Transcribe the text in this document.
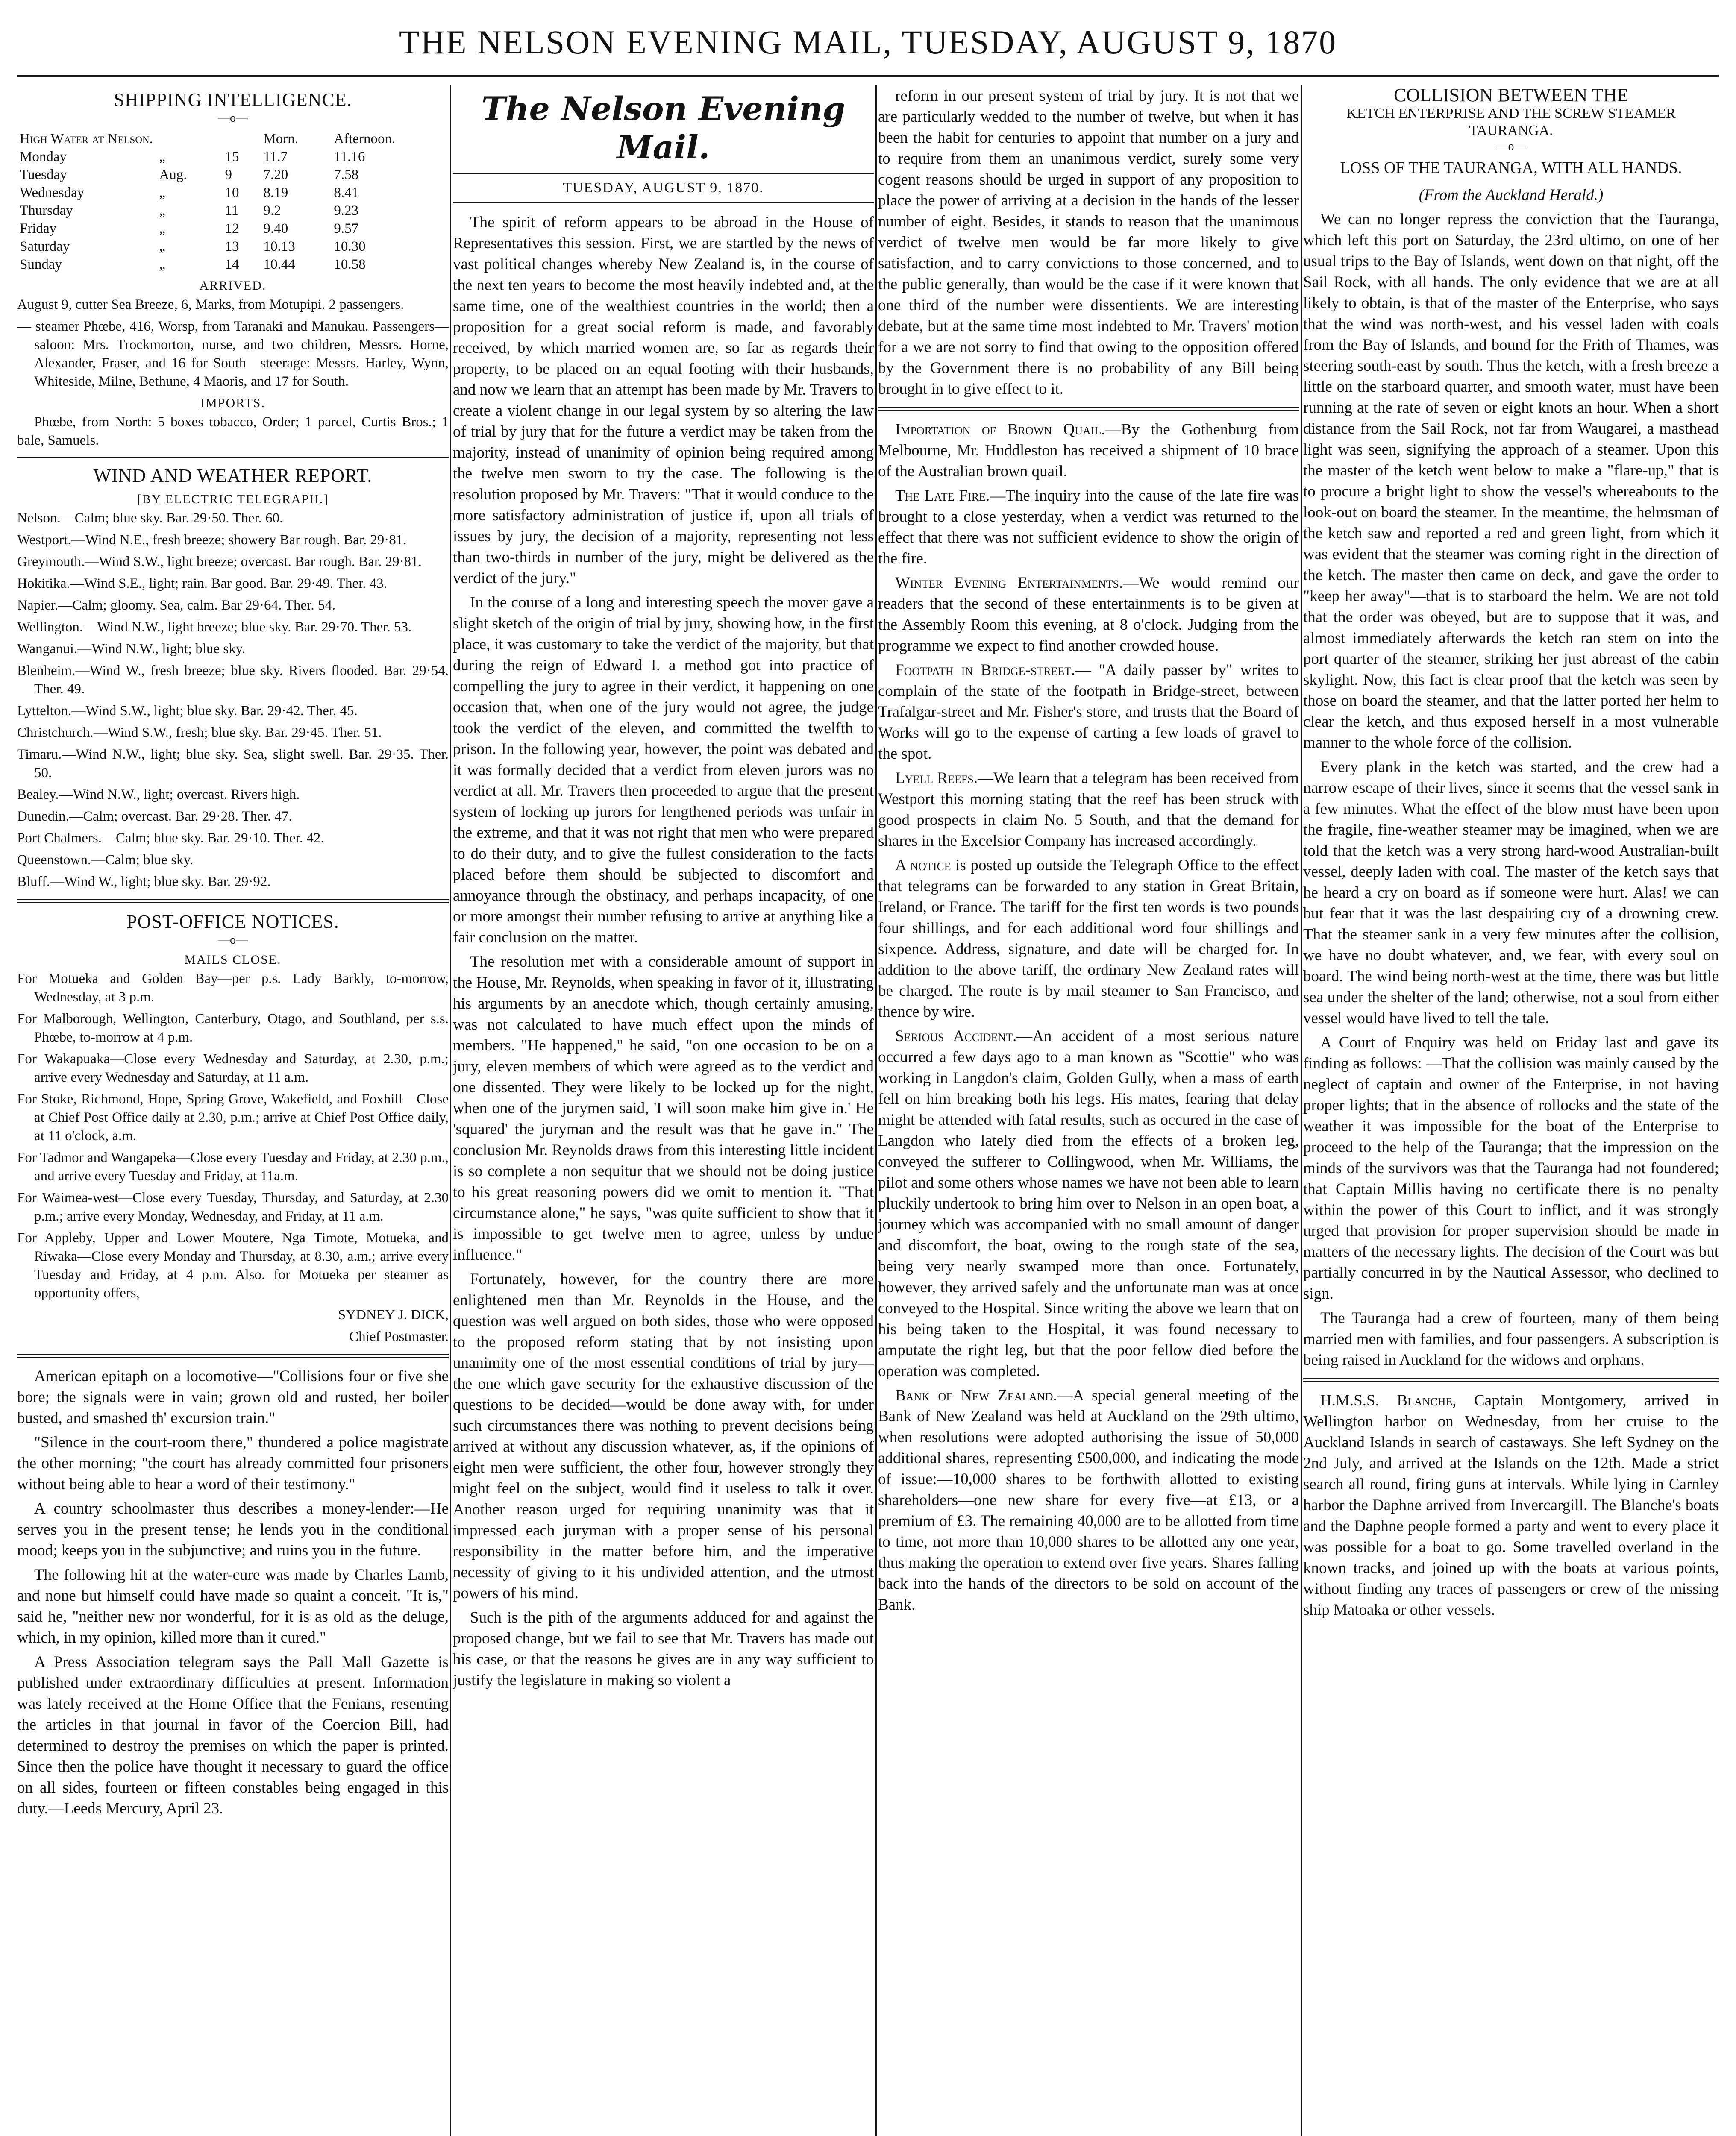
THE NELSON EVENING MAIL, TUESDAY, AUGUST 9, 1870
SHIPPING INTELLIGENCE.
—o—
High Water at Nelson.			Morn.	Afternoon.
Monday	„	15	11.7	11.16
Tuesday	Aug.	9	7.20	7.58
Wednesday	„	10	8.19	8.41
Thursday	„	11	9.2	9.23
Friday	„	12	9.40	9.57
Saturday	„	13	10.13	10.30
Sunday	„	14	10.44	10.58
ARRIVED.

August 9, cutter Sea Breeze, 6, Marks, from Motupipi. 2 passengers.

— steamer Phœbe, 416, Worsp, from Taranaki and Manukau. Passengers—saloon: Mrs. Trockmorton, nurse, and two children, Messrs. Horne, Alexander, Fraser, and 16 for South—steerage: Messrs. Harley, Wynn, Whiteside, Milne, Bethune, 4 Maoris, and 17 for South.

IMPORTS.

Phœbe, from North: 5 boxes tobacco, Order; 1 parcel, Curtis Bros.; 1 bale, Samuels.

WIND AND WEATHER REPORT.
[BY ELECTRIC TELEGRAPH.]

Nelson.—Calm; blue sky. Bar. 29·50. Ther. 60.

Westport.—Wind N.E., fresh breeze; showery Bar rough. Bar. 29·81.

Greymouth.—Wind S.W., light breeze; overcast. Bar rough. Bar. 29·81.

Hokitika.—Wind S.E., light; rain. Bar good. Bar. 29·49. Ther. 43.

Napier.—Calm; gloomy. Sea, calm. Bar 29·64. Ther. 54.

Wellington.—Wind N.W., light breeze; blue sky. Bar. 29·70. Ther. 53.

Wanganui.—Wind N.W., light; blue sky.

Blenheim.—Wind W., fresh breeze; blue sky. Rivers flooded. Bar. 29·54. Ther. 49.

Lyttelton.—Wind S.W., light; blue sky. Bar. 29·42. Ther. 45.

Christchurch.—Wind S.W., fresh; blue sky. Bar. 29·45. Ther. 51.

Timaru.—Wind N.W., light; blue sky. Sea, slight swell. Bar. 29·35. Ther. 50.

Bealey.—Wind N.W., light; overcast. Rivers high.

Dunedin.—Calm; overcast. Bar. 29·28. Ther. 47.

Port Chalmers.—Calm; blue sky. Bar. 29·10. Ther. 42.

Queenstown.—Calm; blue sky.

Bluff.—Wind W., light; blue sky. Bar. 29·92.

POST-OFFICE NOTICES.
—o—
MAILS CLOSE.

For Motueka and Golden Bay—per p.s. Lady Barkly, to-morrow, Wednesday, at 3 p.m.

For Malborough, Wellington, Canterbury, Otago, and Southland, per s.s. Phœbe, to-morrow at 4 p.m.

For Wakapuaka—Close every Wednesday and Saturday, at 2.30, p.m.; arrive every Wednesday and Saturday, at 11 a.m.

For Stoke, Richmond, Hope, Spring Grove, Wakefield, and Foxhill—Close at Chief Post Office daily at 2.30, p.m.; arrive at Chief Post Office daily, at 11 o'clock, a.m.

For Tadmor and Wangapeka—Close every Tuesday and Friday, at 2.30 p.m., and arrive every Tuesday and Friday, at 11a.m.

For Waimea-west—Close every Tuesday, Thursday, and Saturday, at 2.30 p.m.; arrive every Monday, Wednesday, and Friday, at 11 a.m.

For Appleby, Upper and Lower Moutere, Nga Timote, Motueka, and Riwaka—Close every Monday and Thursday, at 8.30, a.m.; arrive every Tuesday and Friday, at 4 p.m. Also. for Motueka per steamer as opportunity offers,

SYDNEY J. DICK,

Chief Postmaster.

American epitaph on a locomotive—"Collisions four or five she bore; the signals were in vain; grown old and rusted, her boiler busted, and smashed th' excursion train."

"Silence in the court-room there," thundered a police magistrate the other morning; "the court has already committed four prisoners without being able to hear a word of their testimony."

A country schoolmaster thus describes a money-lender:—He serves you in the present tense; he lends you in the conditional mood; keeps you in the subjunctive; and ruins you in the future.

The following hit at the water-cure was made by Charles Lamb, and none but himself could have made so quaint a conceit. "It is," said he, "neither new nor wonderful, for it is as old as the deluge, which, in my opinion, killed more than it cured."

A Press Association telegram says the Pall Mall Gazette is published under extraordinary difficulties at present. Information was lately received at the Home Office that the Fenians, resenting the articles in that journal in favor of the Coercion Bill, had determined to destroy the premises on which the paper is printed. Since then the police have thought it necessary to guard the office on all sides, fourteen or fifteen constables being engaged in this duty.—Leeds Mercury, April 23.

The Nelson Evening Mail.
TUESDAY, AUGUST 9, 1870.

The spirit of reform appears to be abroad in the House of Representatives this session. First, we are startled by the news of vast political changes whereby New Zealand is, in the course of the next ten years to become the most heavily indebted and, at the same time, one of the wealthiest countries in the world; then a proposition for a great social reform is made, and favorably received, by which married women are, so far as regards their property, to be placed on an equal footing with their husbands, and now we learn that an attempt has been made by Mr. Travers to create a violent change in our legal system by so altering the law of trial by jury that for the future a verdict may be taken from the majority, instead of unanimity of opinion being required among the twelve men sworn to try the case. The following is the resolution proposed by Mr. Travers: "That it would conduce to the more satisfactory administration of justice if, upon all trials of issues by jury, the decision of a majority, representing not less than two-thirds in number of the jury, might be delivered as the verdict of the jury."

In the course of a long and interesting speech the mover gave a slight sketch of the origin of trial by jury, showing how, in the first place, it was customary to take the verdict of the majority, but that during the reign of Edward I. a method got into practice of compelling the jury to agree in their verdict, it happening on one occasion that, when one of the jury would not agree, the judge took the verdict of the eleven, and committed the twelfth to prison. In the following year, however, the point was debated and it was formally decided that a verdict from eleven jurors was no verdict at all. Mr. Travers then proceeded to argue that the present system of locking up jurors for lengthened periods was unfair in the extreme, and that it was not right that men who were prepared to do their duty, and to give the fullest consideration to the facts placed before them should be subjected to discomfort and annoyance through the obstinacy, and perhaps incapacity, of one or more amongst their number refusing to arrive at anything like a fair conclusion on the matter.

The resolution met with a considerable amount of support in the House, Mr. Reynolds, when speaking in favor of it, illustrating his arguments by an anecdote which, though certainly amusing, was not calculated to have much effect upon the minds of members. "He happened," he said, "on one occasion to be on a jury, eleven members of which were agreed as to the verdict and one dissented. They were likely to be locked up for the night, when one of the jurymen said, 'I will soon make him give in.' He 'squared' the juryman and the result was that he gave in." The conclusion Mr. Reynolds draws from this interesting little incident is so complete a non sequitur that we should not be doing justice to his great reasoning powers did we omit to mention it. "That circumstance alone," he says, "was quite sufficient to show that it is impossible to get twelve men to agree, unless by undue influence."

Fortunately, however, for the country there are more enlightened men than Mr. Reynolds in the House, and the question was well argued on both sides, those who were opposed to the proposed reform stating that by not insisting upon unanimity one of the most essential conditions of trial by jury—the one which gave security for the exhaustive discussion of the questions to be decided—would be done away with, for under such circumstances there was nothing to prevent decisions being arrived at without any discussion whatever, as, if the opinions of eight men were sufficient, the other four, however strongly they might feel on the subject, would find it useless to talk it over. Another reason urged for requiring unanimity was that it impressed each juryman with a proper sense of his personal responsibility in the matter before him, and the imperative necessity of giving to it his undivided attention, and the utmost powers of his mind.

Such is the pith of the arguments adduced for and against the proposed change, but we fail to see that Mr. Travers has made out his case, or that the reasons he gives are in any way sufficient to justify the legislature in making so violent a

reform in our present system of trial by jury. It is not that we are particularly wedded to the number of twelve, but when it has been the habit for centuries to appoint that number on a jury and to require from them an unanimous verdict, surely some very cogent reasons should be urged in support of any proposition to place the power of arriving at a decision in the hands of the lesser number of eight. Besides, it stands to reason that the unanimous verdict of twelve men would be far more likely to give satisfaction, and to carry convictions to those concerned, and to the public generally, than would be the case if it were known that one third of the number were dissentients. We are interesting debate, but at the same time most indebted to Mr. Travers' motion for a we are not sorry to find that owing to the opposition offered by the Government there is no probability of any Bill being brought in to give effect to it.

Importation of Brown Quail.—By the Gothenburg from Melbourne, Mr. Huddleston has received a shipment of 10 brace of the Australian brown quail.

The Late Fire.—The inquiry into the cause of the late fire was brought to a close yesterday, when a verdict was returned to the effect that there was not sufficient evidence to show the origin of the fire.

Winter Evening Entertainments.—We would remind our readers that the second of these entertainments is to be given at the Assembly Room this evening, at 8 o'clock. Judging from the programme we expect to find another crowded house.

Footpath in Bridge-street.— "A daily passer by" writes to complain of the state of the footpath in Bridge-street, between Trafalgar-street and Mr. Fisher's store, and trusts that the Board of Works will go to the expense of carting a few loads of gravel to the spot.

Lyell Reefs.—We learn that a telegram has been received from Westport this morning stating that the reef has been struck with good prospects in claim No. 5 South, and that the demand for shares in the Excelsior Company has increased accordingly.

A notice is posted up outside the Telegraph Office to the effect that telegrams can be forwarded to any station in Great Britain, Ireland, or France. The tariff for the first ten words is two pounds four shillings, and for each additional word four shillings and sixpence. Address, signature, and date will be charged for. In addition to the above tariff, the ordinary New Zealand rates will be charged. The route is by mail steamer to San Francisco, and thence by wire.

Serious Accident.—An accident of a most serious nature occurred a few days ago to a man known as "Scottie" who was working in Langdon's claim, Golden Gully, when a mass of earth fell on him breaking both his legs. His mates, fearing that delay might be attended with fatal results, such as occured in the case of Langdon who lately died from the effects of a broken leg, conveyed the sufferer to Collingwood, when Mr. Williams, the pilot and some others whose names we have not been able to learn pluckily undertook to bring him over to Nelson in an open boat, a journey which was accompanied with no small amount of danger and discomfort, the boat, owing to the rough state of the sea, being very nearly swamped more than once. Fortunately, however, they arrived safely and the unfortunate man was at once conveyed to the Hospital. Since writing the above we learn that on his being taken to the Hospital, it was found necessary to amputate the right leg, but that the poor fellow died before the operation was completed.

Bank of New Zealand.—A special general meeting of the Bank of New Zealand was held at Auckland on the 29th ultimo, when resolutions were adopted authorising the issue of 50,000 additional shares, representing £500,000, and indicating the mode of issue:—10,000 shares to be forthwith allotted to existing shareholders—one new share for every five—at £13, or a premium of £3. The remaining 40,000 are to be allotted from time to time, not more than 10,000 shares to be allotted any one year, thus making the operation to extend over five years. Shares falling back into the hands of the directors to be sold on account of the Bank.

COLLISION BETWEEN THE

KETCH ENTERPRISE AND THE SCREW STEAMER TAURANGA.

—o—

LOSS OF THE TAURANGA, WITH ALL HANDS.

(From the Auckland Herald.)

We can no longer repress the conviction that the Tauranga, which left this port on Saturday, the 23rd ultimo, on one of her usual trips to the Bay of Islands, went down on that night, off the Sail Rock, with all hands. The only evidence that we are at all likely to obtain, is that of the master of the Enterprise, who says that the wind was north-west, and his vessel laden with coals from the Bay of Islands, and bound for the Frith of Thames, was steering south-east by south. Thus the ketch, with a fresh breeze a little on the starboard quarter, and smooth water, must have been running at the rate of seven or eight knots an hour. When a short distance from the Sail Rock, not far from Waugarei, a masthead light was seen, signifying the approach of a steamer. Upon this the master of the ketch went below to make a "flare-up," that is to procure a bright light to show the vessel's whereabouts to the look-out on board the steamer. In the meantime, the helmsman of the ketch saw and reported a red and green light, from which it was evident that the steamer was coming right in the direction of the ketch. The master then came on deck, and gave the order to "keep her away"—that is to starboard the helm. We are not told that the order was obeyed, but are to suppose that it was, and almost immediately afterwards the ketch ran stem on into the port quarter of the steamer, striking her just abreast of the cabin skylight. Now, this fact is clear proof that the ketch was seen by those on board the steamer, and that the latter ported her helm to clear the ketch, and thus exposed herself in a most vulnerable manner to the whole force of the collision.

Every plank in the ketch was started, and the crew had a narrow escape of their lives, since it seems that the vessel sank in a few minutes. What the effect of the blow must have been upon the fragile, fine-weather steamer may be imagined, when we are told that the ketch was a very strong hard-wood Australian-built vessel, deeply laden with coal. The master of the ketch says that he heard a cry on board as if someone were hurt. Alas! we can but fear that it was the last despairing cry of a drowning crew. That the steamer sank in a very few minutes after the collision, we have no doubt whatever, and, we fear, with every soul on board. The wind being north-west at the time, there was but little sea under the shelter of the land; otherwise, not a soul from either vessel would have lived to tell the tale.

A Court of Enquiry was held on Friday last and gave its finding as follows: —That the collision was mainly caused by the neglect of captain and owner of the Enterprise, in not having proper lights; that in the absence of rollocks and the state of the weather it was impossible for the boat of the Enterprise to proceed to the help of the Tauranga; that the impression on the minds of the survivors was that the Tauranga had not foundered; that Captain Millis having no certificate there is no penalty within the power of this Court to inflict, and it was strongly urged that provision for proper supervision should be made in matters of the necessary lights. The decision of the Court was but partially concurred in by the Nautical Assessor, who declined to sign.

The Tauranga had a crew of fourteen, many of them being married men with families, and four passengers. A subscription is being raised in Auckland for the widows and orphans.

H.M.S.S. Blanche, Captain Montgomery, arrived in Wellington harbor on Wednesday, from her cruise to the Auckland Islands in search of castaways. She left Sydney on the 2nd July, and arrived at the Islands on the 12th. Made a strict search all round, firing guns at intervals. While lying in Carnley harbor the Daphne arrived from Invercargill. The Blanche's boats and the Daphne people formed a party and went to every place it was possible for a boat to go. Some travelled overland in the known tracks, and joined up with the boats at various points, without finding any traces of passengers or crew of the missing ship Matoaka or other vessels.
